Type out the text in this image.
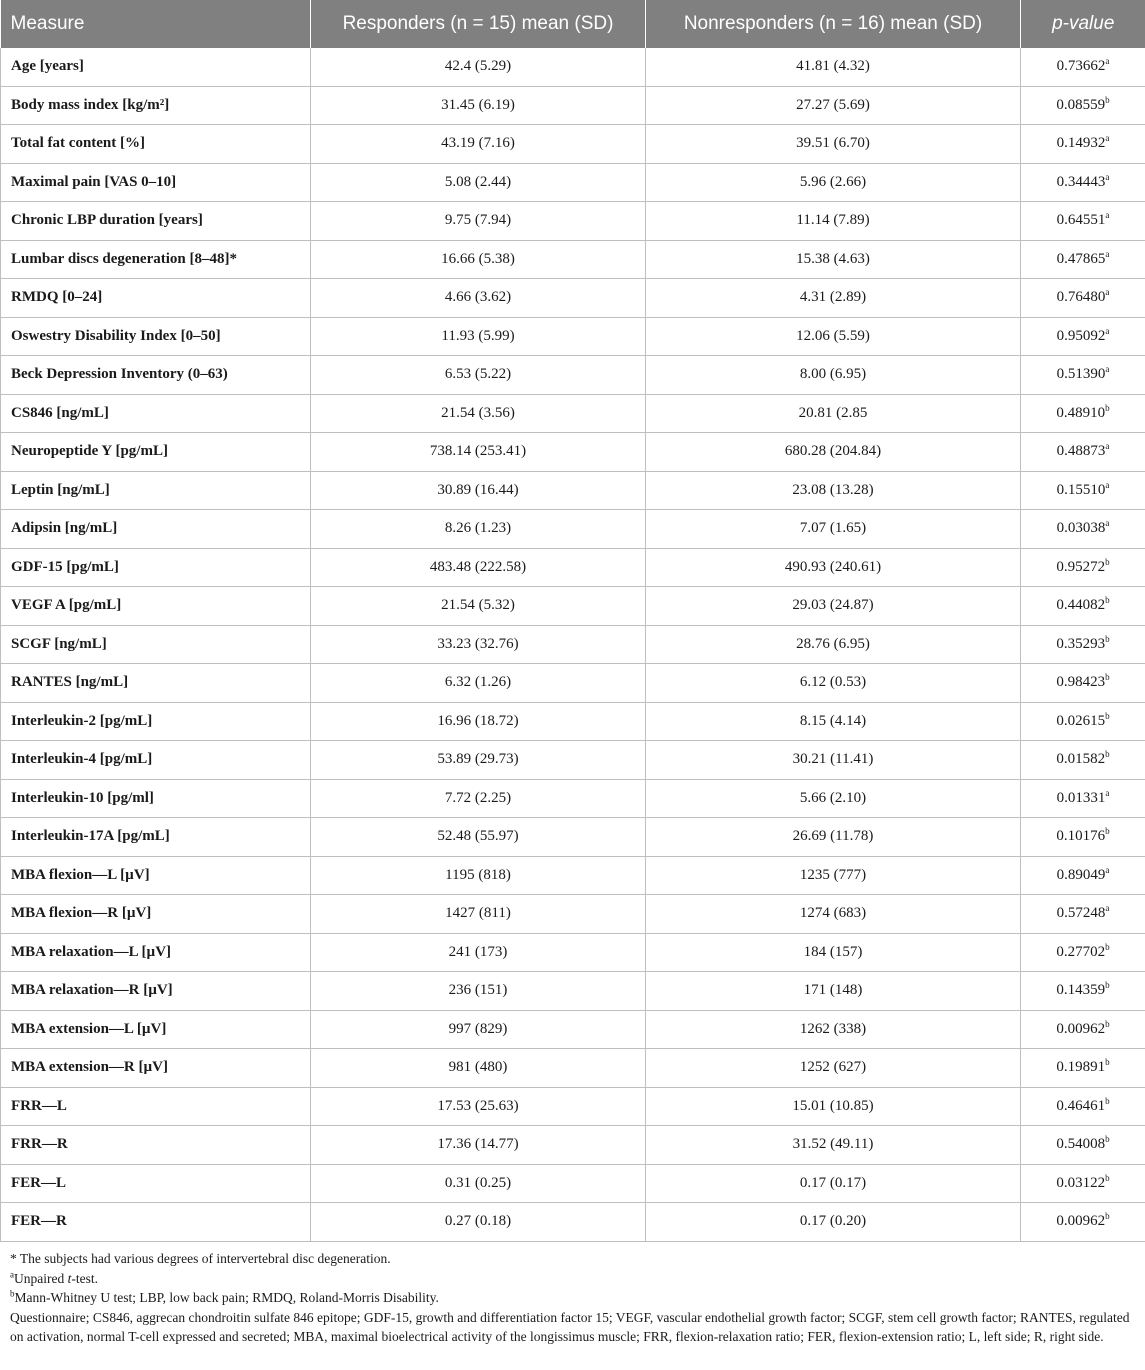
Measure	Responders (n = 15) mean (SD)	Nonresponders (n = 16) mean (SD)	p-value
Age [years]	42.4 (5.29)	41.81 (4.32)	0.73662$^a$
Body mass index [kg/m²]	31.45 (6.19)	27.27 (5.69)	0.08559$^b$
Total fat content [%]	43.19 (7.16)	39.51 (6.70)	0.14932$^a$
Maximal pain [VAS 0–10]	5.08 (2.44)	5.96 (2.66)	0.34443$^a$
Chronic LBP duration [years]	9.75 (7.94)	11.14 (7.89)	0.64551$^a$
Lumbar discs degeneration [8–48]*	16.66 (5.38)	15.38 (4.63)	0.47865$^a$
RMDQ [0–24]	4.66 (3.62)	4.31 (2.89)	0.76480$^a$
Oswestry Disability Index [0–50]	11.93 (5.99)	12.06 (5.59)	0.95092$^a$
Beck Depression Inventory (0–63)	6.53 (5.22)	8.00 (6.95)	0.51390$^a$
CS846 [ng/mL]	21.54 (3.56)	20.81 (2.85	0.48910$^b$
Neuropeptide Y [pg/mL]	738.14 (253.41)	680.28 (204.84)	0.48873$^a$
Leptin [ng/mL]	30.89 (16.44)	23.08 (13.28)	0.15510$^a$
Adipsin [ng/mL]	8.26 (1.23)	7.07 (1.65)	0.03038$^a$
GDF-15 [pg/mL]	483.48 (222.58)	490.93 (240.61)	0.95272$^b$
VEGF A [pg/mL]	21.54 (5.32)	29.03 (24.87)	0.44082$^b$
SCGF [ng/mL]	33.23 (32.76)	28.76 (6.95)	0.35293$^b$
RANTES [ng/mL]	6.32 (1.26)	6.12 (0.53)	0.98423$^b$
Interleukin-2 [pg/mL]	16.96 (18.72)	8.15 (4.14)	0.02615$^b$
Interleukin-4 [pg/mL]	53.89 (29.73)	30.21 (11.41)	0.01582$^b$
Interleukin-10 [pg/ml]	7.72 (2.25)	5.66 (2.10)	0.01331$^a$
Interleukin-17A [pg/mL]	52.48 (55.97)	26.69 (11.78)	0.10176$^b$
MBA flexion—L [µV]	1195 (818)	1235 (777)	0.89049$^a$
MBA flexion—R [µV]	1427 (811)	1274 (683)	0.57248$^a$
MBA relaxation—L [µV]	241 (173)	184 (157)	0.27702$^b$
MBA relaxation—R [µV]	236 (151)	171 (148)	0.14359$^b$
MBA extension—L [µV]	997 (829)	1262 (338)	0.00962$^b$
MBA extension—R [µV]	981 (480)	1252 (627)	0.19891$^b$
FRR—L	17.53 (25.63)	15.01 (10.85)	0.46461$^b$
FRR—R	17.36 (14.77)	31.52 (49.11)	0.54008$^b$
FER—L	0.31 (0.25)	0.17 (0.17)	0.03122$^b$
FER—R	0.27 (0.18)	0.17 (0.20)	0.00962$^b$

* The subjects had various degrees of intervertebral disc degeneration.

$^a$Unpaired t-test.

$^b$Mann-Whitney U test; LBP, low back pain; RMDQ, Roland-Morris Disability.

Questionnaire; CS846, aggrecan chondroitin sulfate 846 epitope; GDF-15, growth and differentiation factor 15; VEGF, vascular endothelial growth factor; SCGF, stem cell growth factor; RANTES, regulated on activation, normal T-cell expressed and secreted; MBA, maximal bioelectrical activity of the longissimus muscle; FRR, flexion-relaxation ratio; FER, flexion-extension ratio; L, left side; R, right side.
